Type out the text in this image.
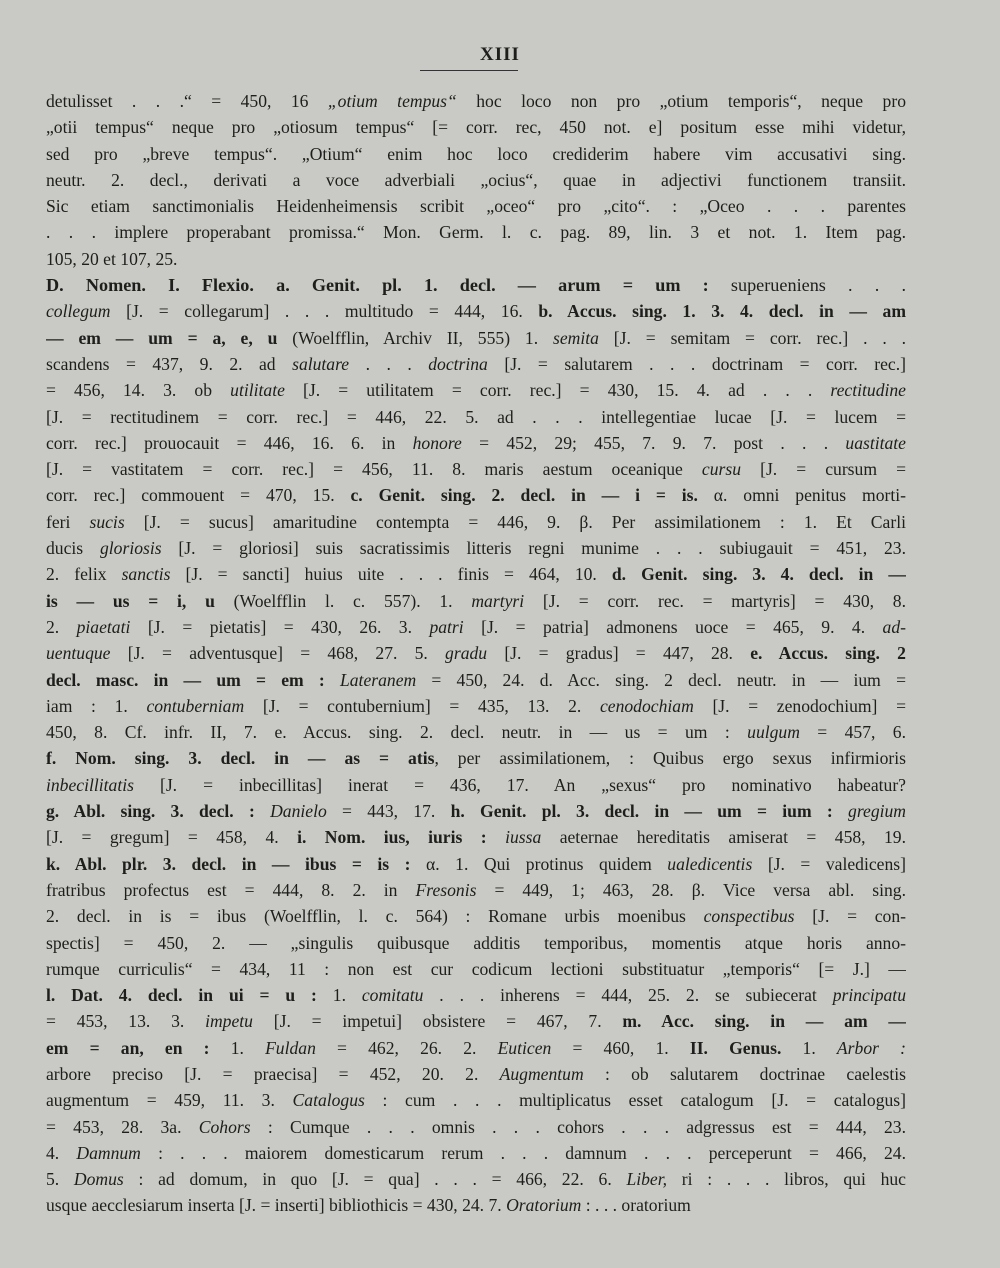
XIII
detulisset . . .“ = 450, 16 „otium tempus“ hoc loco non pro „otium temporis“, neque pro
„otii tempus“ neque pro „otiosum tempus“ [= corr. rec, 450 not. e] positum esse mihi videtur,
sed pro „breve tempus“. „Otium“ enim hoc loco crediderim habere vim accusativi sing.
neutr. 2. decl., derivati a voce adverbiali „ocius“, quae in adjectivi functionem transiit.
Sic etiam sanctimonialis Heidenheimensis scribit „oceo“ pro „cito“. : „Oceo . . . parentes
. . . implere properabant promissa.“ Mon. Germ. l. c. pag. 89, lin. 3 et not. 1. Item pag.
105, 20 et 107, 25.
D. Nomen. I. Flexio. a. Genit. pl. 1. decl. — arum = um : superueniens . . .
collegum [J. = collegarum] . . . multitudo = 444, 16. b. Accus. sing. 1. 3. 4. decl. in — am
— em — um = a, e, u (Woelfflin, Archiv II, 555) 1. semita [J. = semitam = corr. rec.] . . .
scandens = 437, 9. 2. ad salutare . . . doctrina [J. = salutarem . . . doctrinam = corr. rec.]
= 456, 14. 3. ob utilitate [J. = utilitatem = corr. rec.] = 430, 15. 4. ad . . . rectitudine
[J. = rectitudinem = corr. rec.] = 446, 22. 5. ad . . . intellegentiae lucae [J. = lucem =
corr. rec.] prouocauit = 446, 16. 6. in honore = 452, 29; 455, 7. 9. 7. post . . . uastitate
[J. = vastitatem = corr. rec.] = 456, 11. 8. maris aestum oceanique cursu [J. = cursum =
corr. rec.] commouent = 470, 15. c. Genit. sing. 2. decl. in — i = is. α. omni penitus morti-
feri sucis [J. = sucus] amaritudine contempta = 446, 9. β. Per assimilationem : 1. Et Carli
ducis gloriosis [J. = gloriosi] suis sacratissimis litteris regni munime . . . subiugauit = 451, 23.
2. felix sanctis [J. = sancti] huius uite . . . finis = 464, 10. d. Genit. sing. 3. 4. decl. in —
is — us = i, u (Woelfflin l. c. 557). 1. martyri [J. = corr. rec. = martyris] = 430, 8.
2. piaetati [J. = pietatis] = 430, 26. 3. patri [J. = patria] admonens uoce = 465, 9. 4. ad-
uentuque [J. = adventusque] = 468, 27. 5. gradu [J. = gradus] = 447, 28. e. Accus. sing. 2
decl. masc. in — um = em : Lateranem = 450, 24. d. Acc. sing. 2 decl. neutr. in — ium =
iam : 1. contuberniam [J. = contubernium] = 435, 13. 2. cenodochiam [J. = zenodochium] =
450, 8. Cf. infr. II, 7. e. Accus. sing. 2. decl. neutr. in — us = um : uulgum = 457, 6.
f. Nom. sing. 3. decl. in — as = atis, per assimilationem, : Quibus ergo sexus infirmioris
inbecillitatis [J. = inbecillitas] inerat = 436, 17. An „sexus“ pro nominativo habeatur?
g. Abl. sing. 3. decl. : Danielo = 443, 17. h. Genit. pl. 3. decl. in — um = ium : gregium
[J. = gregum] = 458, 4. i. Nom. ius, iuris : iussa aeternae hereditatis amiserat = 458, 19.
k. Abl. plr. 3. decl. in — ibus = is : α. 1. Qui protinus quidem ualedicentis [J. = valedicens]
fratribus profectus est = 444, 8. 2. in Fresonis = 449, 1; 463, 28. β. Vice versa abl. sing.
2. decl. in is = ibus (Woelfflin, l. c. 564) : Romane urbis moenibus conspectibus [J. = con-
spectis] = 450, 2. — „singulis quibusque additis temporibus, momentis atque horis anno-
rumque curriculis“ = 434, 11 : non est cur codicum lectioni substituatur „temporis“ [= J.] —
l. Dat. 4. decl. in ui = u : 1. comitatu . . . inherens = 444, 25. 2. se subiecerat principatu
= 453, 13. 3. impetu [J. = impetui] obsistere = 467, 7. m. Acc. sing. in — am —
em = an, en : 1. Fuldan = 462, 26. 2. Euticen = 460, 1. II. Genus. 1. Arbor :
arbore preciso [J. = praecisa] = 452, 20. 2. Augmentum : ob salutarem doctrinae caelestis
augmentum = 459, 11. 3. Catalogus : cum . . . multiplicatus esset catalogum [J. = catalogus]
= 453, 28. 3a. Cohors : Cumque . . . omnis . . . cohors . . . adgressus est = 444, 23.
4. Damnum : . . . maiorem domesticarum rerum . . . damnum . . . perceperunt = 466, 24.
5. Domus : ad domum, in quo [J. = qua] . . . = 466, 22. 6. Liber, ri : . . . libros, qui huc
usque aecclesiarum inserta [J. = inserti] bibliothicis = 430, 24. 7. Oratorium : . . . oratorium
